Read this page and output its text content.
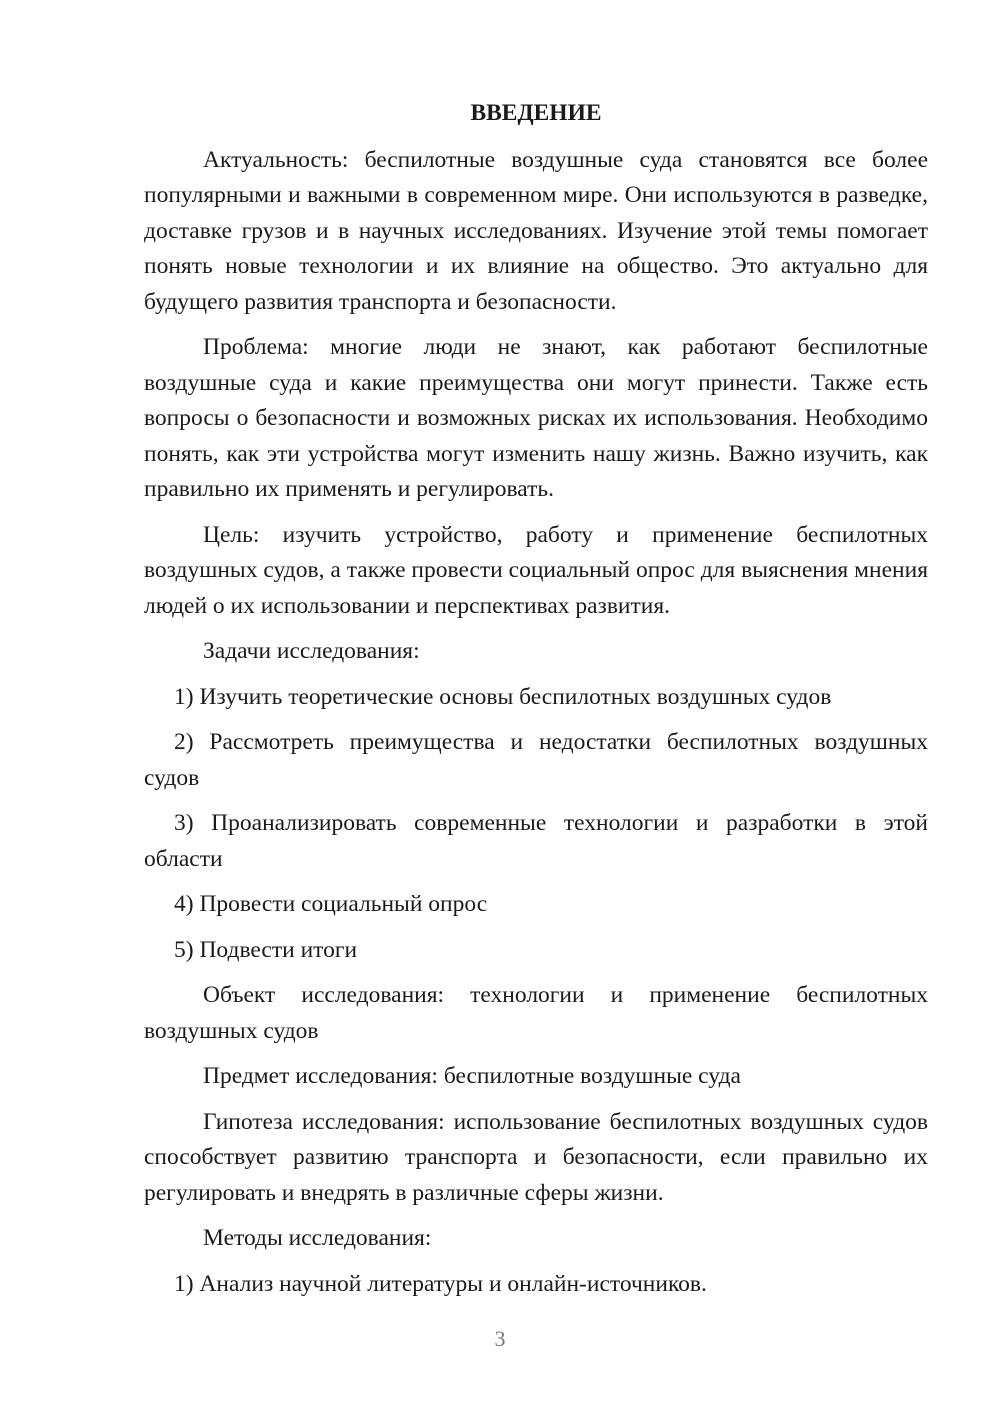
ВВЕДЕНИЕ

Актуальность: беспилотные воздушные суда становятся все более популярными и важными в современном мире. Они используются в разведке, доставке грузов и в научных исследованиях. Изучение этой темы помогает понять новые технологии и их влияние на общество. Это актуально для будущего развития транспорта и безопасности.

Проблема: многие люди не знают, как работают беспилотные воздушные суда и какие преимущества они могут принести. Также есть вопросы о безопасности и возможных рисках их использования. Необходимо понять, как эти устройства могут изменить нашу жизнь. Важно изучить, как правильно их применять и регулировать.

Цель: изучить устройство, работу и применение беспилотных воздушных судов, а также провести социальный опрос для выяснения мнения людей о их использовании и перспективах развития.

Задачи исследования:

1) Изучить теоретические основы беспилотных воздушных судов

2) Рассмотреть преимущества и недостатки беспилотных воздушных судов

3) Проанализировать современные технологии и разработки в этой области

4) Провести социальный опрос

5) Подвести итоги

Объект исследования: технологии и применение беспилотных воздушных судов

Предмет исследования: беспилотные воздушные суда

Гипотеза исследования: использование беспилотных воздушных судов способствует развитию транспорта и безопасности, если правильно их регулировать и внедрять в различные сферы жизни.

Методы исследования:

1) Анализ научной литературы и онлайн-источников.

3
